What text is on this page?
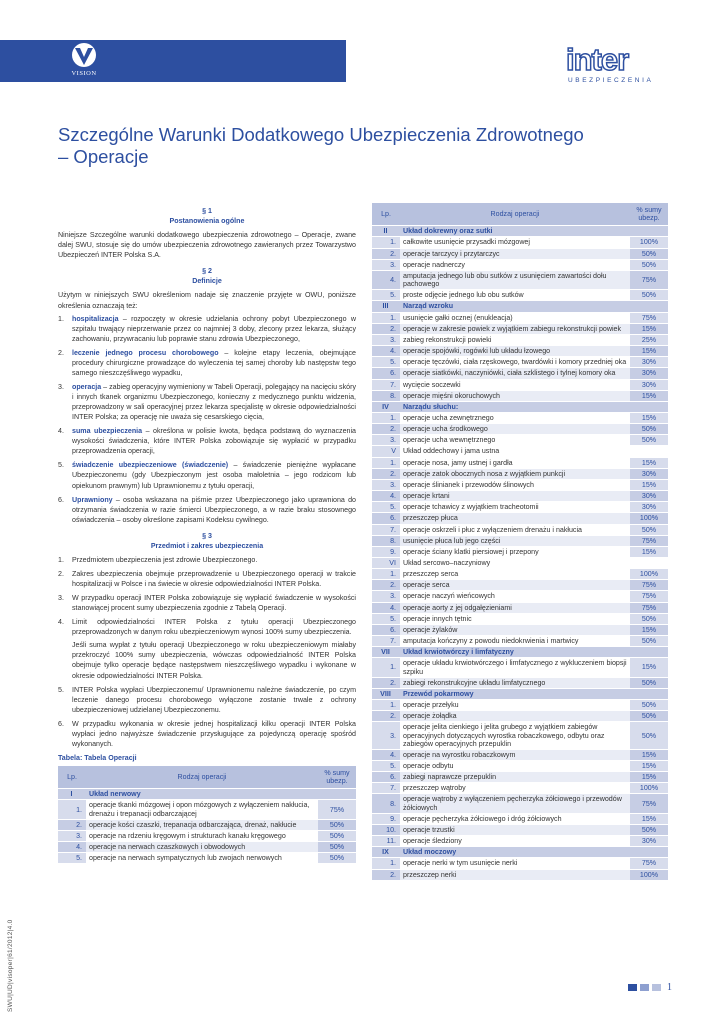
VISION	inter
UBEZPIECZENIA
Szczególne Warunki Dodatkowego Ubezpieczenia Zdrowotnego
– Operacje
§ 1
Postanowienia ogólne

Niniejsze Szczególne warunki dodatkowego ubezpieczenia zdrowotnego – Operacje, zwane dalej SWU, stosuje się do umów ubezpieczenia zdrowotnego zawieranych przez Towarzystwo Ubezpieczeń INTER Polska S.A.

§ 2
Definicje

Użytym w niniejszych SWU określeniom nadaje się znaczenie przyjęte w OWU, poniższe określenia oznaczają też:

1. hospitalizacja – rozpoczęty w okresie udzielania ochrony pobyt Ubezpieczonego w szpitalu trwający nieprzerwanie przez co najmniej 3 doby, zlecony przez lekarza, służący zachowaniu, przywracaniu lub poprawie stanu zdrowia Ubezpieczonego,
2. leczenie jednego procesu chorobowego – kolejne etapy leczenia, obejmujące procedury chirurgiczne prowadzące do wyleczenia tej samej choroby lub następstw tego samego nieszczęśliwego wypadku,
3. operacja – zabieg operacyjny wymieniony w Tabeli Operacji, polegający na nacięciu skóry i innych tkanek organizmu Ubezpieczonego, konieczny z medycznego punktu widzenia, przeprowadzony w sali operacyjnej przez lekarza specjalistę w okresie odpowiedzialności INTER Polska; za operację nie uważa się cesarskiego cięcia,
4. suma ubezpieczenia – określona w polisie kwota, będąca podstawą do wyznaczenia wysokości świadczenia, które INTER Polska zobowiązuje się wypłacić w przypadku przeprowadzenia operacji,
5. świadczenie ubezpieczeniowe (świadczenie) – świadczenie pieniężne wypłacane Ubezpieczonemu (gdy Ubezpieczonym jest osoba małoletnia – jego rodzicom lub opiekunom prawnym) lub Uprawnionemu z tytułu operacji,
6. Uprawniony – osoba wskazana na piśmie przez Ubezpieczonego jako uprawniona do otrzymania świadczenia w razie śmierci Ubezpieczonego, a w razie braku stosownego oświadczenia – osoby określone zapisami Kodeksu cywilnego.
§ 3
Przedmiot i zakres ubezpieczenia
1. Przedmiotem ubezpieczenia jest zdrowie Ubezpieczonego.
2. Zakres ubezpieczenia obejmuje przeprowadzenie u Ubezpieczonego operacji w trakcie hospitalizacji w Polsce i na świecie w okresie odpowiedzialności INTER Polska.
3. W przypadku operacji INTER Polska zobowiązuje się wypłacić świadczenie w wysokości stanowiącej procent sumy ubezpieczenia zgodnie z Tabelą Operacji.
4. Limit odpowiedzialności INTER Polska z tytułu operacji Ubezpieczonego przeprowadzonych w danym roku ubezpieczeniowym wynosi 100% sumy ubezpieczenia.
Jeśli suma wypłat z tytułu operacji Ubezpieczonego w roku ubezpieczeniowym miałaby przekroczyć 100% sumy ubezpieczenia, wówczas odpowiedzialność INTER Polska obejmuje tylko operacje będące następstwem nieszczęśliwego wypadku i wykonane w okresie odpowiedzialności INTER Polska.
5. INTER Polska wypłaci Ubezpieczonemu/ Uprawnionemu należne świadczenie, po czym leczenie danego procesu chorobowego wyłączone zostanie trwale z ochrony ubezpieczeniowej udzielanej Ubezpieczonemu.
6. W przypadku wykonania w okresie jednej hospitalizacji kilku operacji INTER Polska wypłaci jedno najwyższe świadczenie przysługujące za pojedynczą operację spośród wykonanych.
Tabela: Tabela Operacji
Lp.	Rodzaj operacji	% sumy ubezp.
I	Układ nerwowy	
1.	operacje tkanki mózgowej i opon mózgowych z wyłączeniem nakłucia, drenażu i trepanacji odbarczającej	75%
2.	operacje kości czaszki, trepanacja odbarczająca, drenaż, nakłucie	50%
3.	operacje na rdzeniu kręgowym i strukturach kanału kręgowego	50%
4.	operacje na nerwach czaszkowych i obwodowych	50%
5.	operacje na nerwach sympatycznych lub zwojach nerwowych	50%
Lp.	Rodzaj operacji	% sumy ubezp.
II	Układ dokrewny oraz sutki	
1.	całkowite usunięcie przysadki mózgowej	100%
2.	operacje tarczycy i przytarczyc	50%
3.	operacje nadnerczy	50%
4.	amputacja jednego lub obu sutków z usunięciem zawartości dołu pachowego	75%
5.	proste odjęcie jednego lub obu sutków	50%
III	Narząd wzroku	
1.	usunięcie gałki ocznej (enukleacja)	75%
2.	operacje w zakresie powiek z wyjątkiem zabiegu rekonstrukcji powiek	15%
3.	zabieg rekonstrukcji powieki	25%
4.	operacje spojówki, rogówki lub układu łzowego	15%
5.	operacje tęczówki, ciała rzęskowego, twardówki i komory przedniej oka	30%
6.	operacje siatkówki, naczyniówki, ciała szklistego i tylnej komory oka	30%
7.	wycięcie soczewki	30%
8.	operacje mięśni okoruchowych	15%
IV	Narządu słuchu:	
1.	operacje ucha zewnętrznego	15%
2.	operacje ucha środkowego	50%
3.	operacje ucha wewnętrznego	50%
V	Układ oddechowy i jama ustna	
1.	operacje nosa, jamy ustnej i gardła	15%
2.	operacje zatok obocznych nosa z wyjątkiem punkcji	30%
3.	operacje ślinianek i przewodów ślinowych	15%
4.	operacje krtani	30%
5.	operacje tchawicy z wyjątkiem tracheotomii	30%
6.	przeszczep płuca	100%
7.	operacje oskrzeli i płuc z wyłączeniem drenażu i nakłucia	50%
8.	usunięcie płuca lub jego części	75%
9.	operacje ściany klatki piersiowej i przepony	15%
VI	Układ sercowo–naczyniowy	
1.	przeszczep serca	100%
2.	operacje serca	75%
3.	operacje naczyń wieńcowych	75%
4.	operacje aorty z jej odgałęzieniami	75%
5.	operacje innych tętnic	50%
6.	operacje żylaków	15%
7.	amputacja kończyny z powodu niedokrwienia i martwicy	50%
VII	Układ krwiotwórczy i limfatyczny	
1.	operacje układu krwiotwórczego i limfatycznego z wykluczeniem biopsji szpiku	15%
2.	zabiegi rekonstrukcyjne układu limfatycznego	50%
VIII	Przewód pokarmowy	
1.	operacje przełyku	50%
2.	operacje żołądka	50%
3.	operacje jelita cienkiego i jelita grubego z wyjątkiem zabiegów operacyjnych dotyczących wyrostka robaczkowego, odbytu oraz zabiegów operacyjnych przepuklin	50%
4.	operacje na wyrostku robaczkowym	15%
5.	operacje odbytu	15%
6.	zabiegi naprawcze przepuklin	15%
7.	przeszczep wątroby	100%
8.	operacje wątroby z wyłączeniem pęcherzyka żółciowego i przewodów żółciowych	75%
9.	operacje pęcherzyka żółciowego i dróg żółciowych	15%
10.	operacje trzustki	50%
11.	operacje śledziony	30%
IX	Układ moczowy	
1.	operacje nerki w tym usunięcie nerki	75%
2.	przeszczep nerki	100%
SWU|UD|visoper|61/2012|4.0	1
